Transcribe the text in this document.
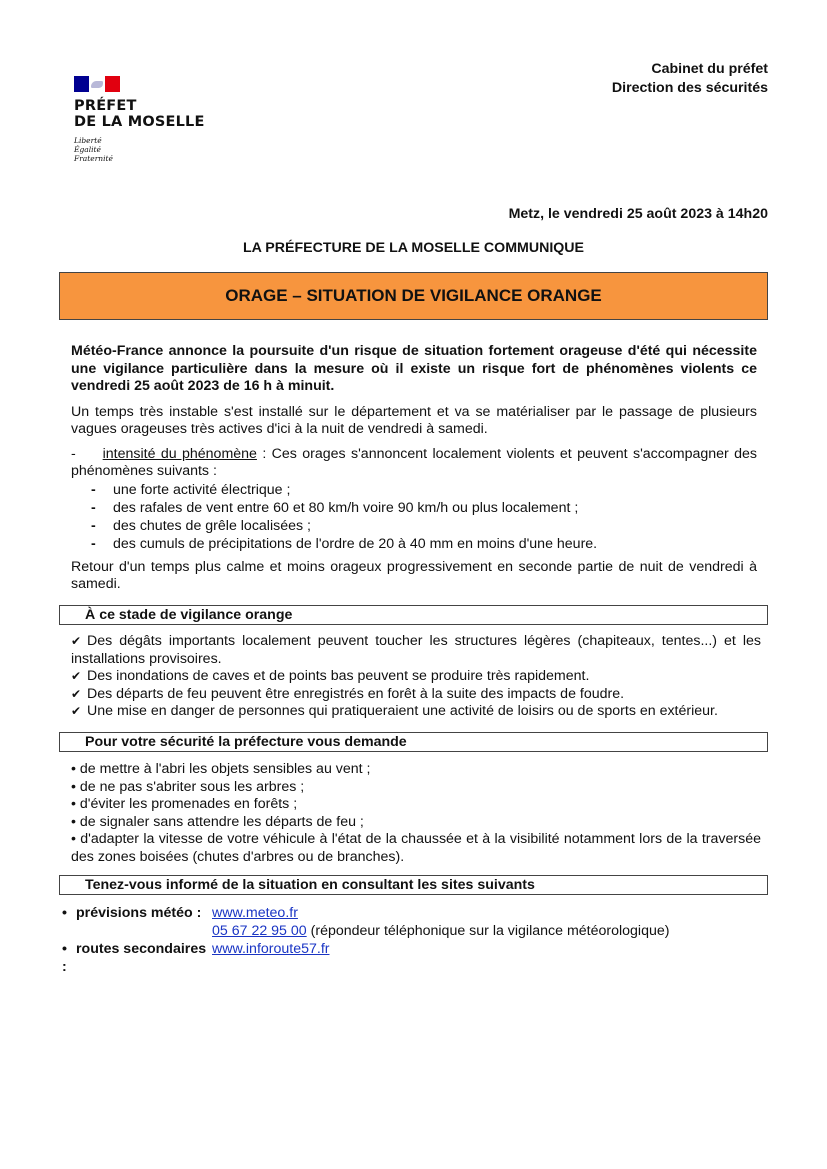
PRÉFET
DE LA MOSELLE
Liberté
Égalité
Fraternité
Cabinet du préfet
Direction des sécurités
Metz, le vendredi 25 août 2023 à 14h20
LA PRÉFECTURE DE LA MOSELLE COMMUNIQUE
ORAGE – SITUATION DE VIGILANCE ORANGE

Météo-France annonce la poursuite d'un risque de situation fortement orageuse d'été qui nécessite une vigilance particulière dans la mesure où il existe un risque fort de phénomènes violents ce vendredi 25 août 2023 de 16 h à minuit.

Un temps très instable s'est installé sur le département et va se matérialiser par le passage de plusieurs vagues orageuses très actives d'ici à la nuit de vendredi à samedi.

- intensité du phénomène : Ces orages s'annoncent localement violents et peuvent s'accompagner des phénomènes suivants :

- une forte activité électrique ;
- des rafales de vent entre 60 et 80 km/h voire 90 km/h ou plus localement ;
- des chutes de grêle localisées ;
- des cumuls de précipitations de l'ordre de 20 à 40 mm en moins d'une heure.

Retour d'un temps plus calme et moins orageux progressivement en seconde partie de nuit de vendredi à samedi.

À ce stade de vigilance orange
✔ Des dégâts importants localement peuvent toucher les structures légères (chapiteaux, tentes...) et les installations provisoires.
✔ Des inondations de caves et de points bas peuvent se produire très rapidement.
✔ Des départs de feu peuvent être enregistrés en forêt à la suite des impacts de foudre.
✔ Une mise en danger de personnes qui pratiqueraient une activité de loisirs ou de sports en extérieur.
Pour votre sécurité la préfecture vous demande
• de mettre à l'abri les objets sensibles au vent ;
• de ne pas s'abriter sous les arbres ;
• d'éviter les promenades en forêts ;
• de signaler sans attendre les départs de feu ;
• d'adapter la vitesse de votre véhicule à l'état de la chaussée et à la visibilité notamment lors de la traversée des zones boisées (chutes d'arbres ou de branches).
Tenez-vous informé de la situation en consultant les sites suivants
• prévisions météo : www.meteo.fr
05 67 22 95 00 (répondeur téléphonique sur la vigilance météorologique)
• routes secondaires :
www.inforoute57.fr
